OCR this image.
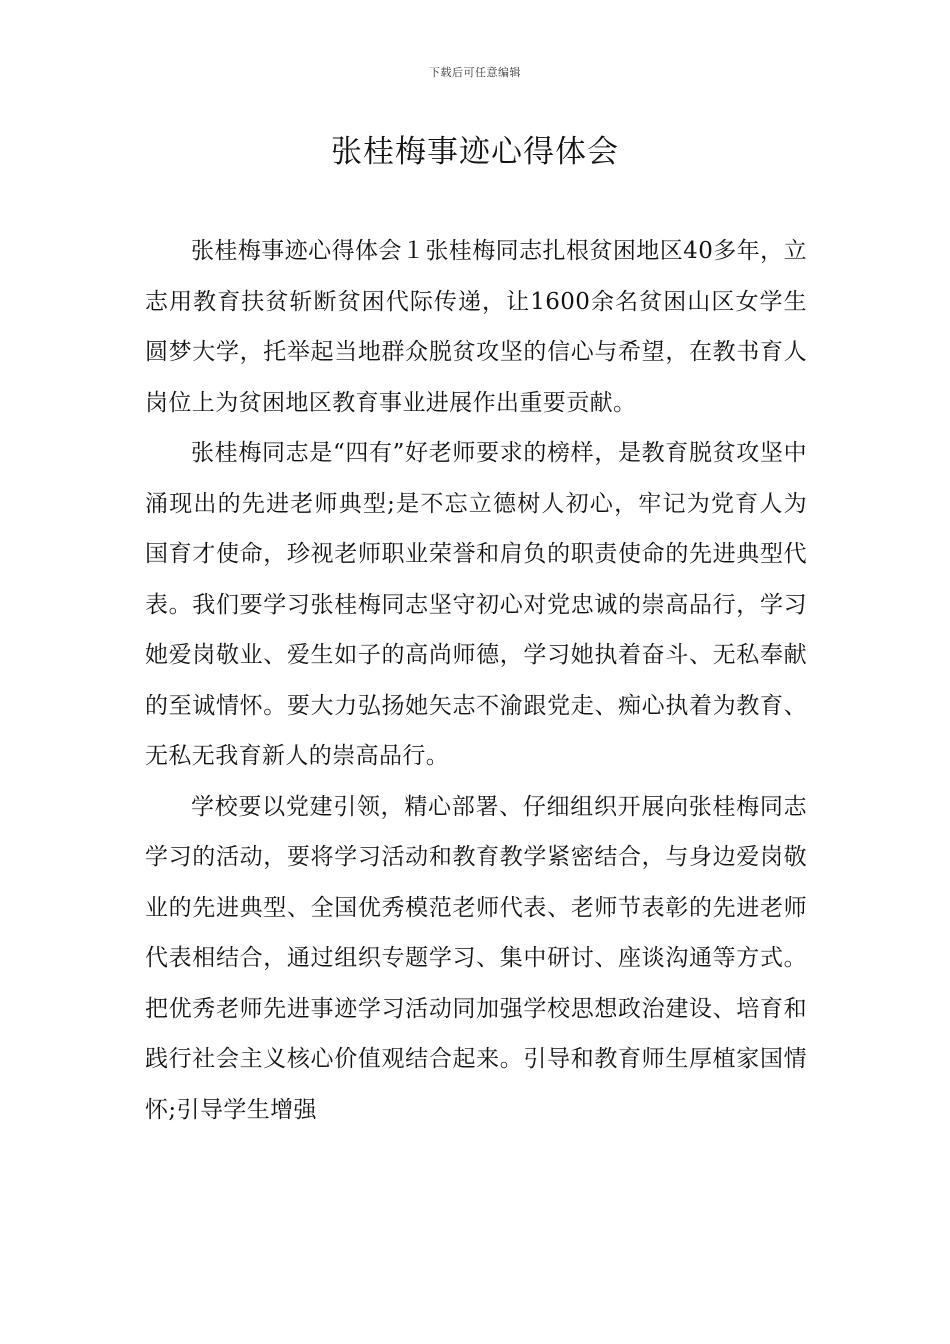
下载后可任意编辑
张桂梅事迹心得体会

张桂梅事迹心得体会１张桂梅同志扎根贫困地区40多年，立志用教育扶贫斩断贫困代际传递，让1600余名贫困山区女学生圆梦大学，托举起当地群众脱贫攻坚的信心与希望，在教书育人岗位上为贫困地区教育事业进展作出重要贡献。

张桂梅同志是“四有”好老师要求的榜样，是教育脱贫攻坚中涌现出的先进老师典型;是不忘立德树人初心，牢记为党育人为国育才使命，珍视老师职业荣誉和肩负的职责使命的先进典型代表。我们要学习张桂梅同志坚守初心对党忠诚的崇高品行，学习她爱岗敬业、爱生如子的高尚师德，学习她执着奋斗、无私奉献的至诚情怀。要大力弘扬她矢志不渝跟党走、痴心执着为教育、无私无我育新人的崇高品行。

学校要以党建引领，精心部署、仔细组织开展向张桂梅同志学习的活动，要将学习活动和教育教学紧密结合，与身边爱岗敬业的先进典型、全国优秀模范老师代表、老师节表彰的先进老师代表相结合，通过组织专题学习、集中研讨、座谈沟通等方式。把优秀老师先进事迹学习活动同加强学校思想政治建设、培育和践行社会主义核心价值观结合起来。引导和教育师生厚植家国情怀;引导学生增强
